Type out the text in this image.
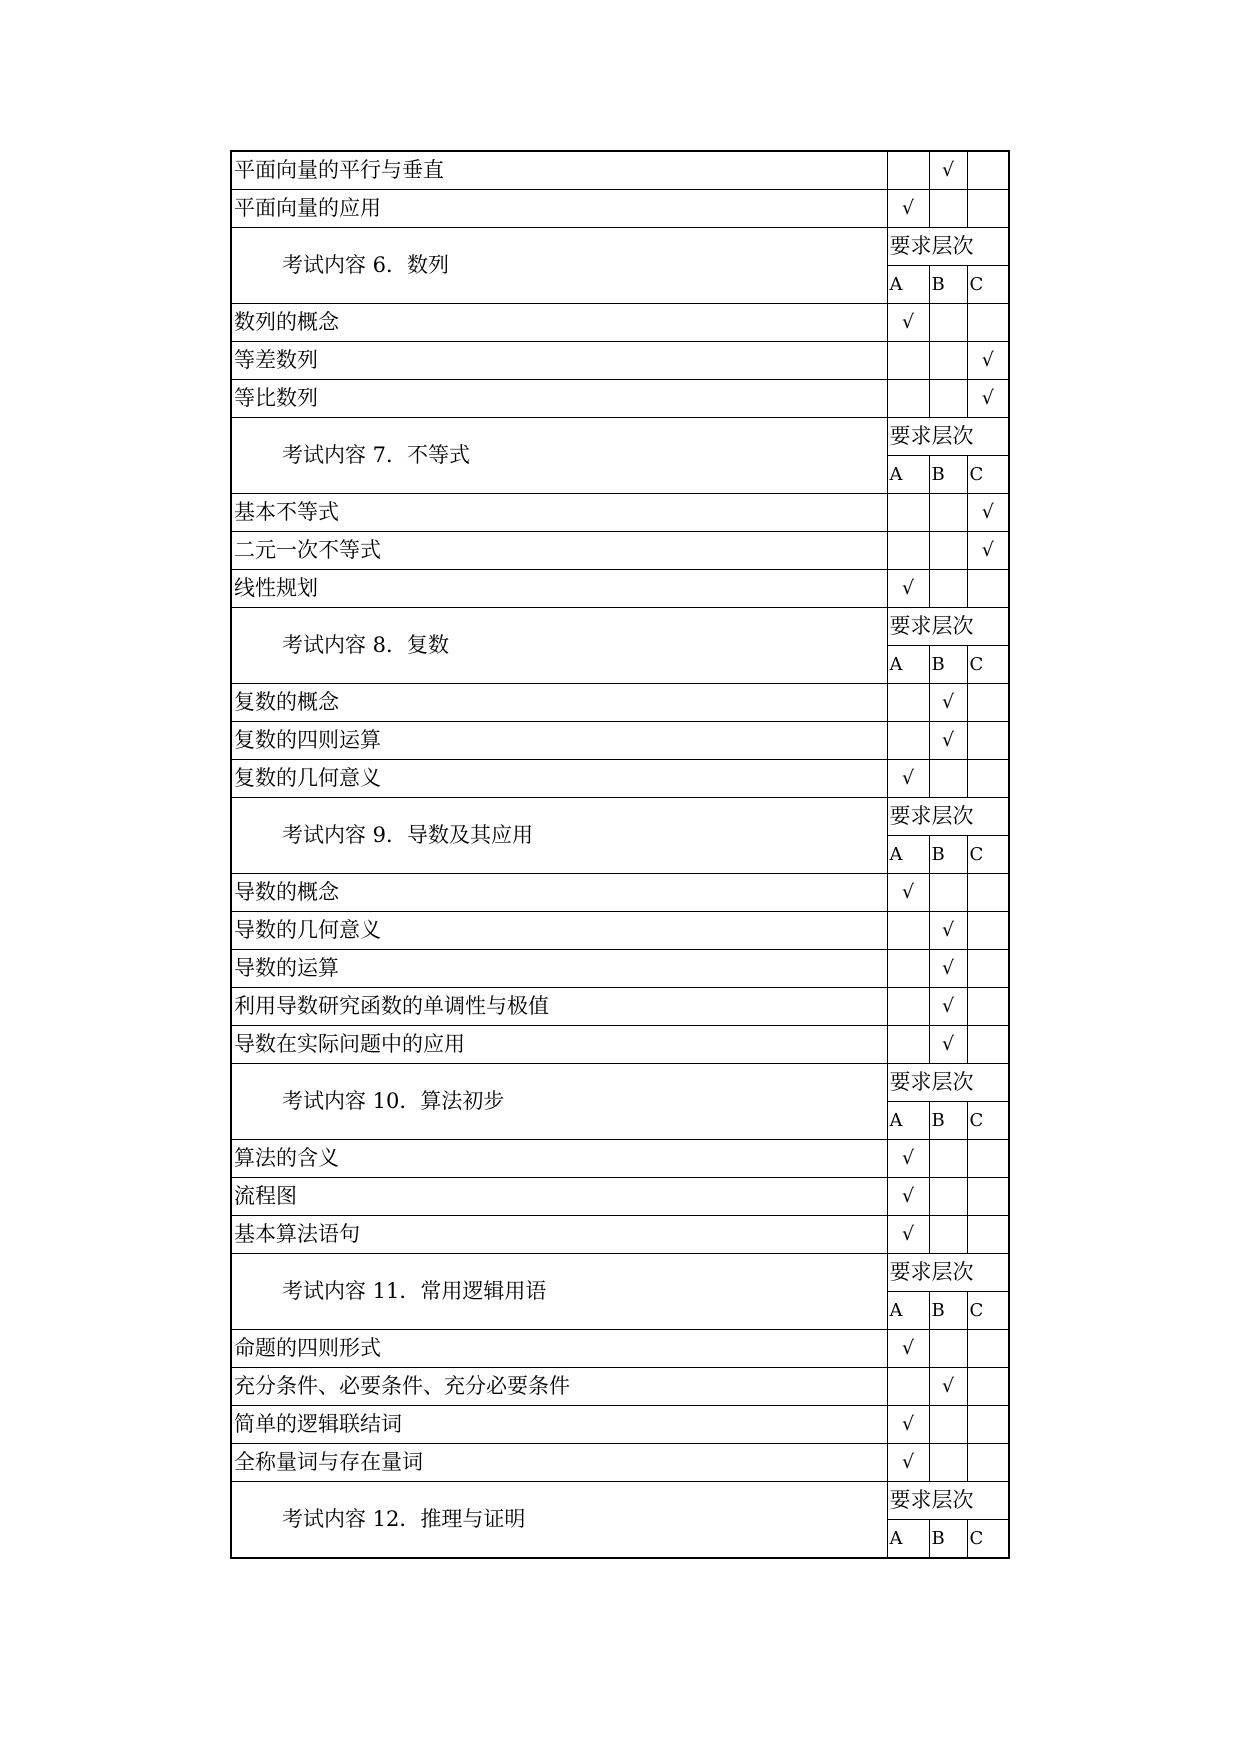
平面向量的平行与垂直		√	
平面向量的应用	√		
考试内容 6．数列	要求层次		
	A	B	C
数列的概念	√		
等差数列			√
等比数列			√
考试内容 7．不等式	要求层次		
	A	B	C
基本不等式			√
二元一次不等式			√
线性规划	√		
考试内容 8．复数	要求层次		
	A	B	C
复数的概念		√	
复数的四则运算		√	
复数的几何意义	√		
考试内容 9．导数及其应用	要求层次		
	A	B	C
导数的概念	√		
导数的几何意义		√	
导数的运算		√	
利用导数研究函数的单调性与极值		√	
导数在实际问题中的应用		√	
考试内容 10．算法初步	要求层次		
	A	B	C
算法的含义	√		
流程图	√		
基本算法语句	√		
考试内容 11．常用逻辑用语	要求层次		
	A	B	C
命题的四则形式	√		
充分条件、必要条件、充分必要条件		√	
简单的逻辑联结词	√		
全称量词与存在量词	√		
考试内容 12．推理与证明	要求层次		
	A	B	C
